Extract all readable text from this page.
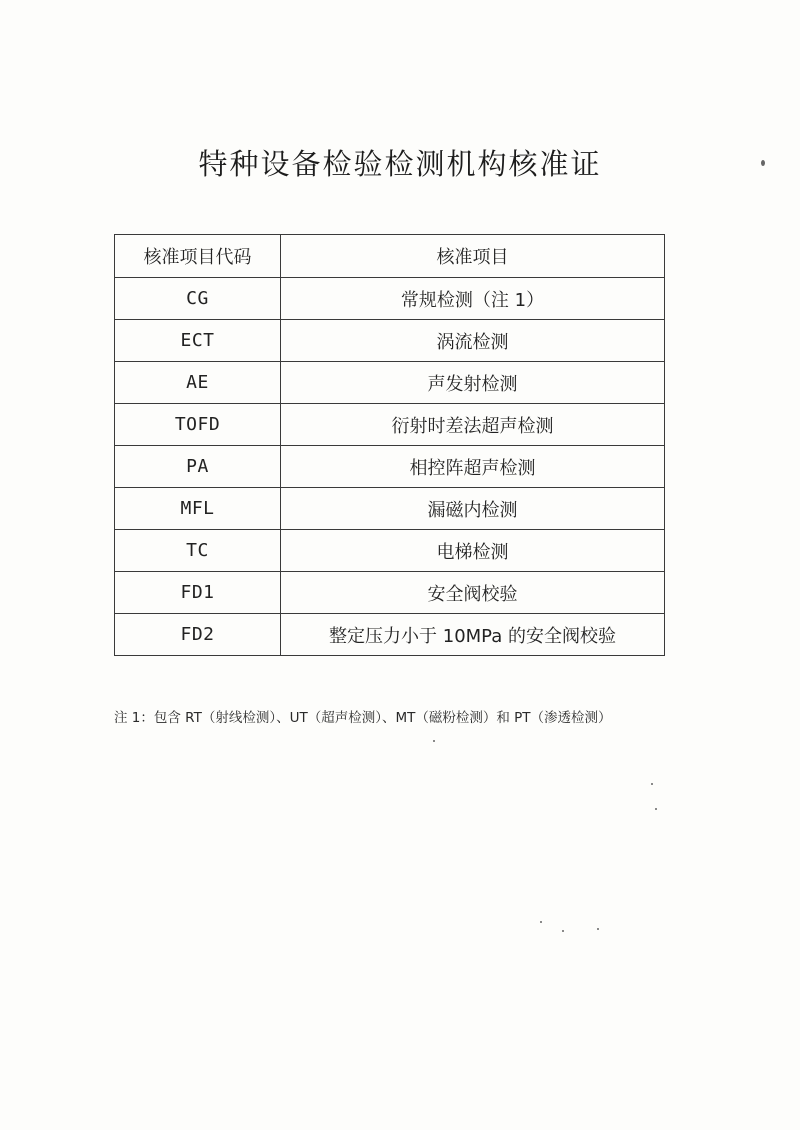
特种设备检验检测机构核准证
核准项目代码	核准项目
CG	常规检测（注 1）
ECT	涡流检测
AE	声发射检测
TOFD	衍射时差法超声检测
PA	相控阵超声检测
MFL	漏磁内检测
TC	电梯检测
FD1	安全阀校验
FD2	整定压力小于 10MPa 的安全阀校验
注 1：包含 RT（射线检测）、UT（超声检测）、MT（磁粉检测）和 PT（渗透检测）
